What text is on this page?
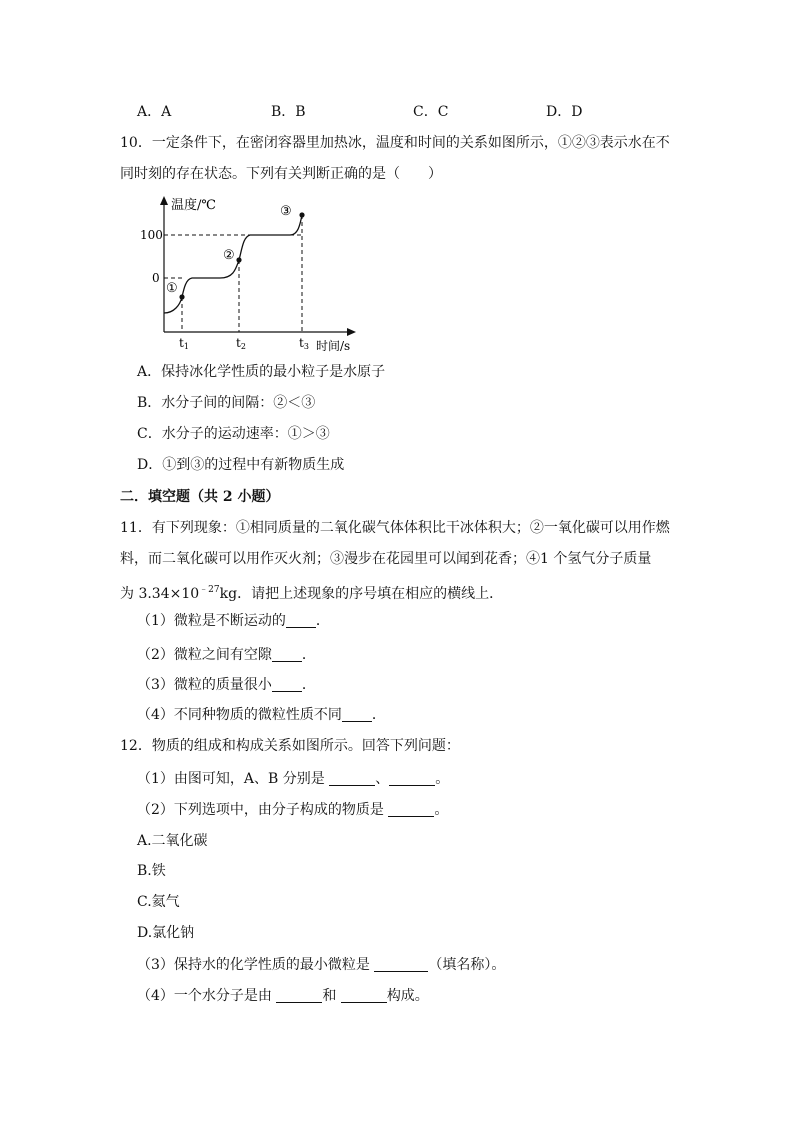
A．A	B．B	C．C	D．D
10．一定条件下，在密闭容器里加热冰，温度和时间的关系如图所示，①②③表示水在不
同时刻的存在状态。下列有关判断正确的是（　　）
温度/℃
时间/s
100
0
t1	t2	t3
①
②
③
A．保持冰化学性质的最小粒子是水原子
B．水分子间的间隔：②＜③
C．水分子的运动速率：①＞③
D．①到③的过程中有新物质生成
二．填空题（共 2 小题）
11．有下列现象：①相同质量的二氧化碳气体体积比干冰体积大；②一氧化碳可以用作燃
料，而二氧化碳可以用作灭火剂；③漫步在花园里可以闻到花香；④1 个氢气分子质量
为 $3.34\times 10^{﹣27}kg$．请把上述现象的序号填在相应的横线上．
（1）微粒是不断运动的 ．
（2）微粒之间有空隙 ．
（3）微粒的质量很小 ．
（4）不同种物质的微粒性质不同 ．
12．物质的组成和构成关系如图所示。回答下列问题：
（1）由图可知，A、B 分别是	、	。
（2）下列选项中，由分子构成的物质是	。
A.二氧化碳
B.铁
C.氦气
D.氯化钠
（3）保持水的化学性质的最小微粒是	（填名称）。
（4）一个水分子是由	和	构成。
